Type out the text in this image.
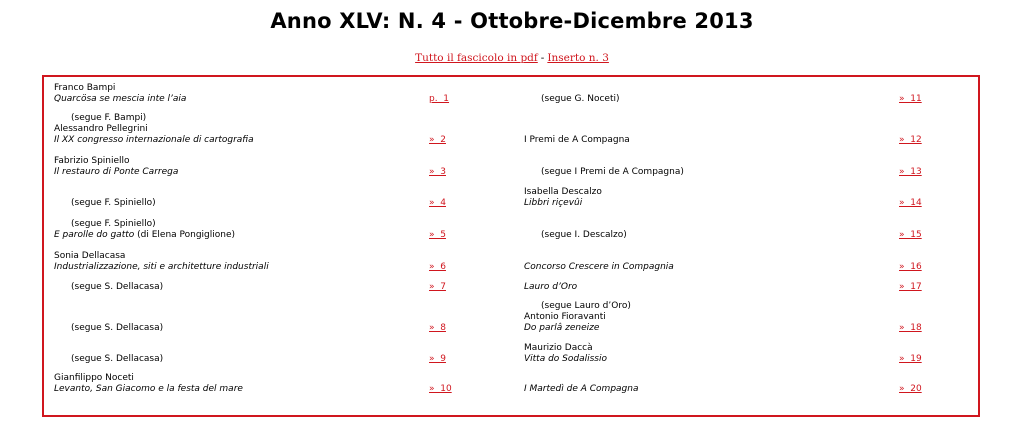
Anno XLV: N. 4 - Ottobre-Dicembre 2013
Tutto il fascicolo in pdf - Inserto n. 3
Franco Bampi
Quarcösa se mescia inte l’aia	p.  1
(segue F. Bampi)
Alessandro Pellegrini
Il XX congresso internazionale di cartografia	»  2
Fabrizio Spiniello
Il restauro di Ponte Carrega	»  3
(segue F. Spiniello)	»  4
(segue F. Spiniello)
E parolle do gatto (di Elena Pongiglione)	»  5
Sonia Dellacasa
Industrializzazione, siti e architetture industriali	»  6
(segue S. Dellacasa)	»  7
(segue S. Dellacasa)	»  8
(segue S. Dellacasa)	»  9
Gianfilippo Noceti
Levanto, San Giacomo e la festa del mare	»  10
(segue G. Noceti)	»  11
I Premi de A Compagna	»  12
(segue I Premi de A Compagna)	»  13
Isabella Descalzo
Libbri riçevûi	»  14
(segue I. Descalzo)	»  15
Concorso Crescere in Compagnia	»  16
Lauro d’Oro	»  17
(segue Lauro d’Oro)
Antonio Fioravanti
Do parlâ zeneize	»  18
Maurizio Daccà
Vitta do Sodalissio	»  19
I Martedì de A Compagna	»  20
